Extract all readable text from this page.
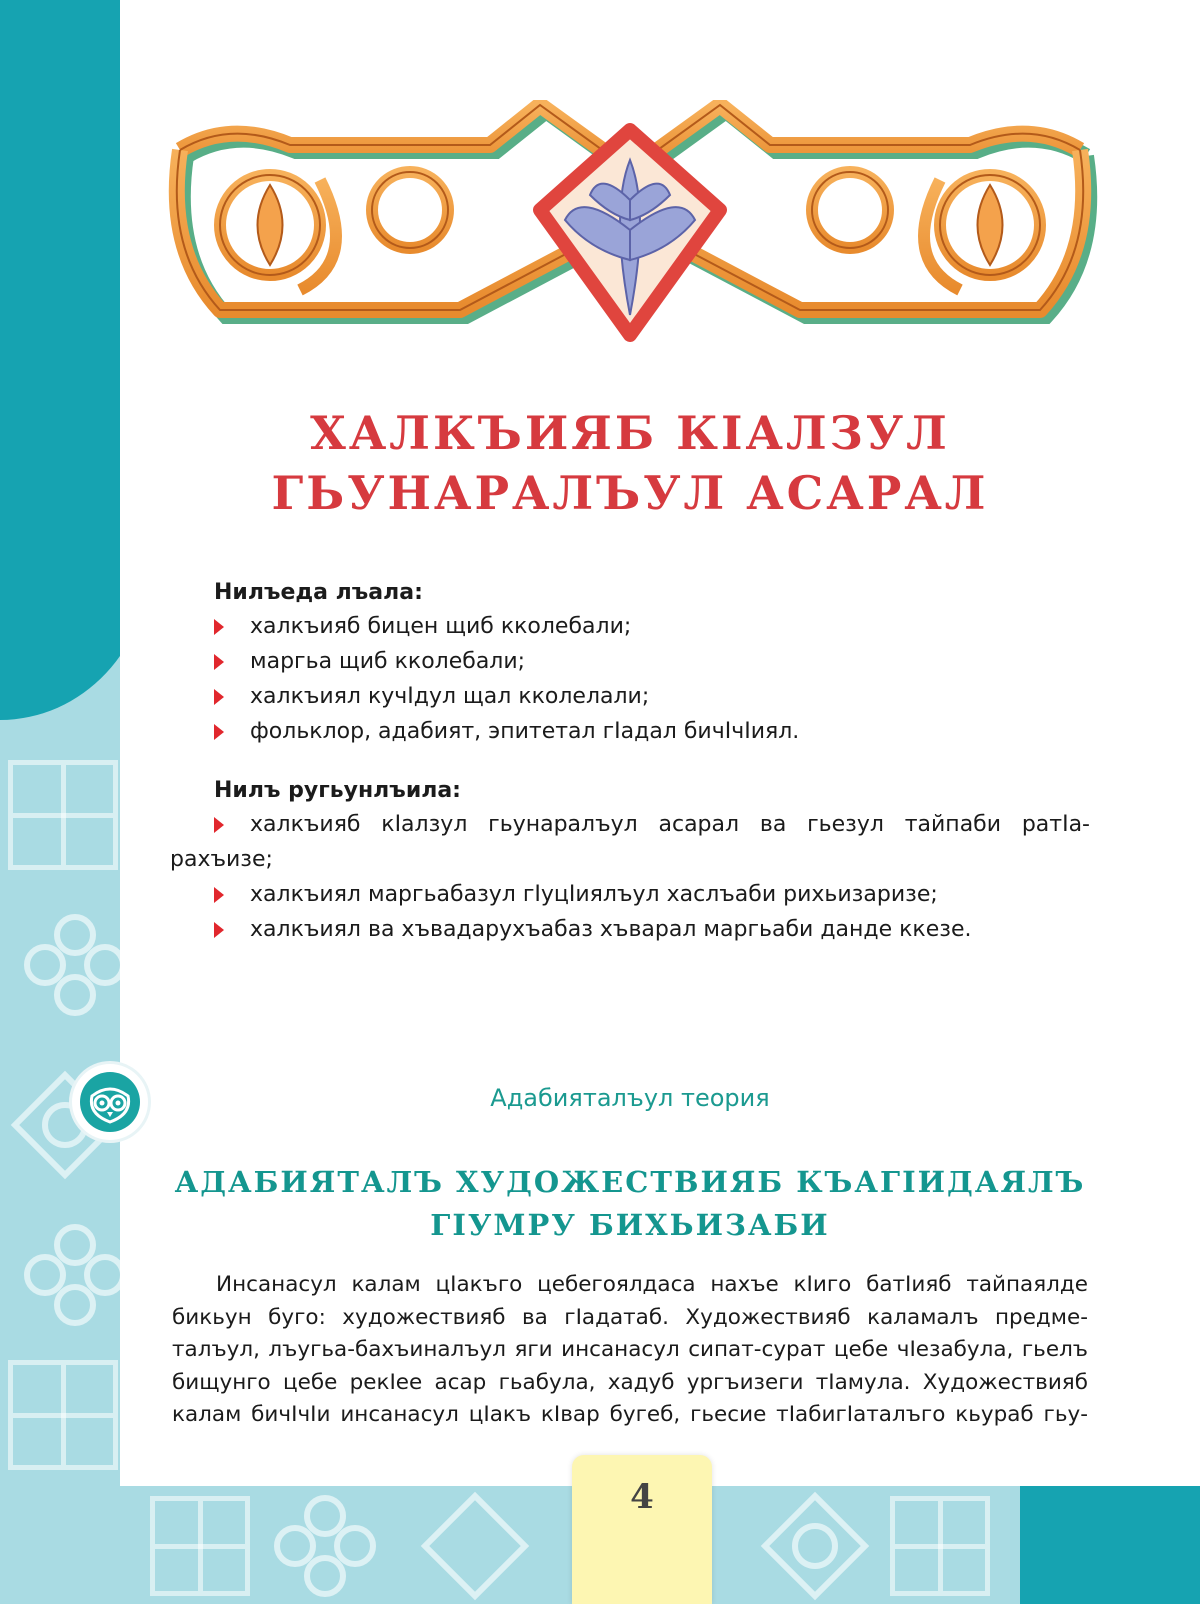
ХАЛКЪИЯБ КІАЛЗУЛ
ГЬУНАРАЛЪУЛ АСАРАЛ

Нилъеда лъала:

халкъияб бицен щиб кколебали;
маргьа щиб кколебали;
халкъиял кучІдул щал кколелали;
фольклор, адабият, эпитетал гІадал бичІчІиял.

Нилъ ругьунлъила:

халкъияб кІалзул гьунаралъул асарал ва гьезул тайпаби ратІа-
рахъизе;
халкъиял маргьабазул гІуцІиялъул хаслъаби рихьизаризе;
халкъиял ва хъвадарухъабаз хъварал маргьаби данде ккезе.
Адабияталъул теория
АДАБИЯТАЛЪ ХУДОЖЕСТВИЯБ КЪАГІИДАЯЛЪ
ГІУМРУ БИХЬИЗАБИ
Инсанасул калам цІакъго цебегоялдаса нахъе кІиго батІияб тайпаялде
бикьун буго: художествияб ва гІадатаб. Художествияб каламалъ предме-
талъул, лъугьа-бахъиналъул яги инсанасул сипат-сурат цебе чІезабула, гьелъ
бищунго цебе рекІее асар гьабула, хадуб ургъизеги тІамула. Художествияб
калам бичІчІи инсанасул цІакъ кІвар бугеб, гьесие тІабигІаталъго кьураб гьу-
4
